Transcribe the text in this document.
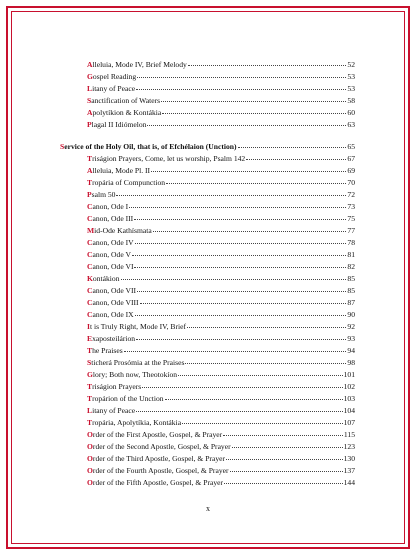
Alleluia, Mode IV, Brief Melody	52
Gospel Reading	53
Litany of Peace	53
Sanctification of Waters	58
Apolytíkion & Kontákia	60
Plagal II Idiómelon	63
Service of the Holy Oil, that is, of Efchélaion (Unction)	65
Triságion Prayers, Come, let us worship, Psalm 142	67
Alleluia, Mode Pl. II	69
Tropária of Compunction	70
Psalm 50	72
Canon, Ode I	73
Canon, Ode III	75
Mid-Ode Kathísmata	77
Canon, Ode IV	78
Canon, Ode V	81
Canon, Ode VI	82
Kontákion	85
Canon, Ode VII	85
Canon, Ode VIII	87
Canon, Ode IX	90
It is Truly Right, Mode IV, Brief	92
Exaposteilárion	93
The Praises	94
Sticherá Prosómia at the Praises	98
Glory; Both now, Theotokíon	101
Triságion Prayers	102
Tropárion of the Unction	103
Litany of Peace	104
Tropária, Apolytíkia, Kontákia	107
Order of the First Apostle, Gospel, & Prayer	115
Order of the Second Apostle, Gospel, & Prayer	123
Order of the Third Apostle, Gospel, & Prayer	130
Order of the Fourth Apostle, Gospel, & Prayer	137
Order of the Fifth Apostle, Gospel, & Prayer	144
x
